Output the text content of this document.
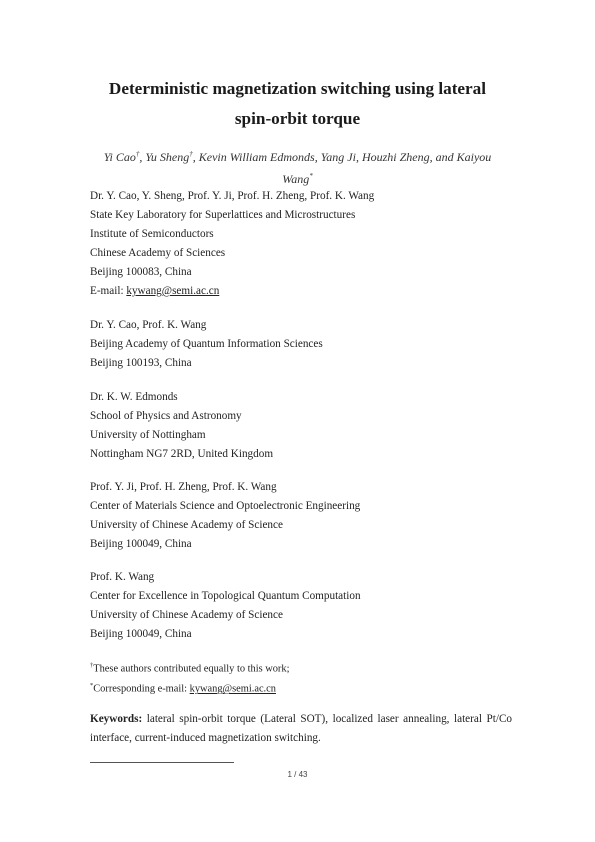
Deterministic magnetization switching using lateral
spin-orbit torque
Yi Cao†, Yu Sheng†, Kevin William Edmonds, Yang Ji, Houzhi Zheng, and Kaiyou
Wang*
Dr. Y. Cao, Y. Sheng, Prof. Y. Ji, Prof. H. Zheng, Prof. K. Wang
State Key Laboratory for Superlattices and Microstructures
Institute of Semiconductors
Chinese Academy of Sciences
Beijing 100083, China
E-mail: kywang@semi.ac.cn
Dr. Y. Cao, Prof. K. Wang
Beijing Academy of Quantum Information Sciences
Beijing 100193, China
Dr. K. W. Edmonds
School of Physics and Astronomy
University of Nottingham
Nottingham NG7 2RD, United Kingdom
Prof. Y. Ji, Prof. H. Zheng, Prof. K. Wang
Center of Materials Science and Optoelectronic Engineering
University of Chinese Academy of Science
Beijing 100049, China
Prof. K. Wang
Center for Excellence in Topological Quantum Computation
University of Chinese Academy of Science
Beijing 100049, China
†These authors contributed equally to this work;
*Corresponding e-mail: kywang@semi.ac.cn
Keywords: lateral spin-orbit torque (Lateral SOT), localized laser annealing, lateral Pt/Co interface, current-induced magnetization switching.
1 / 43
